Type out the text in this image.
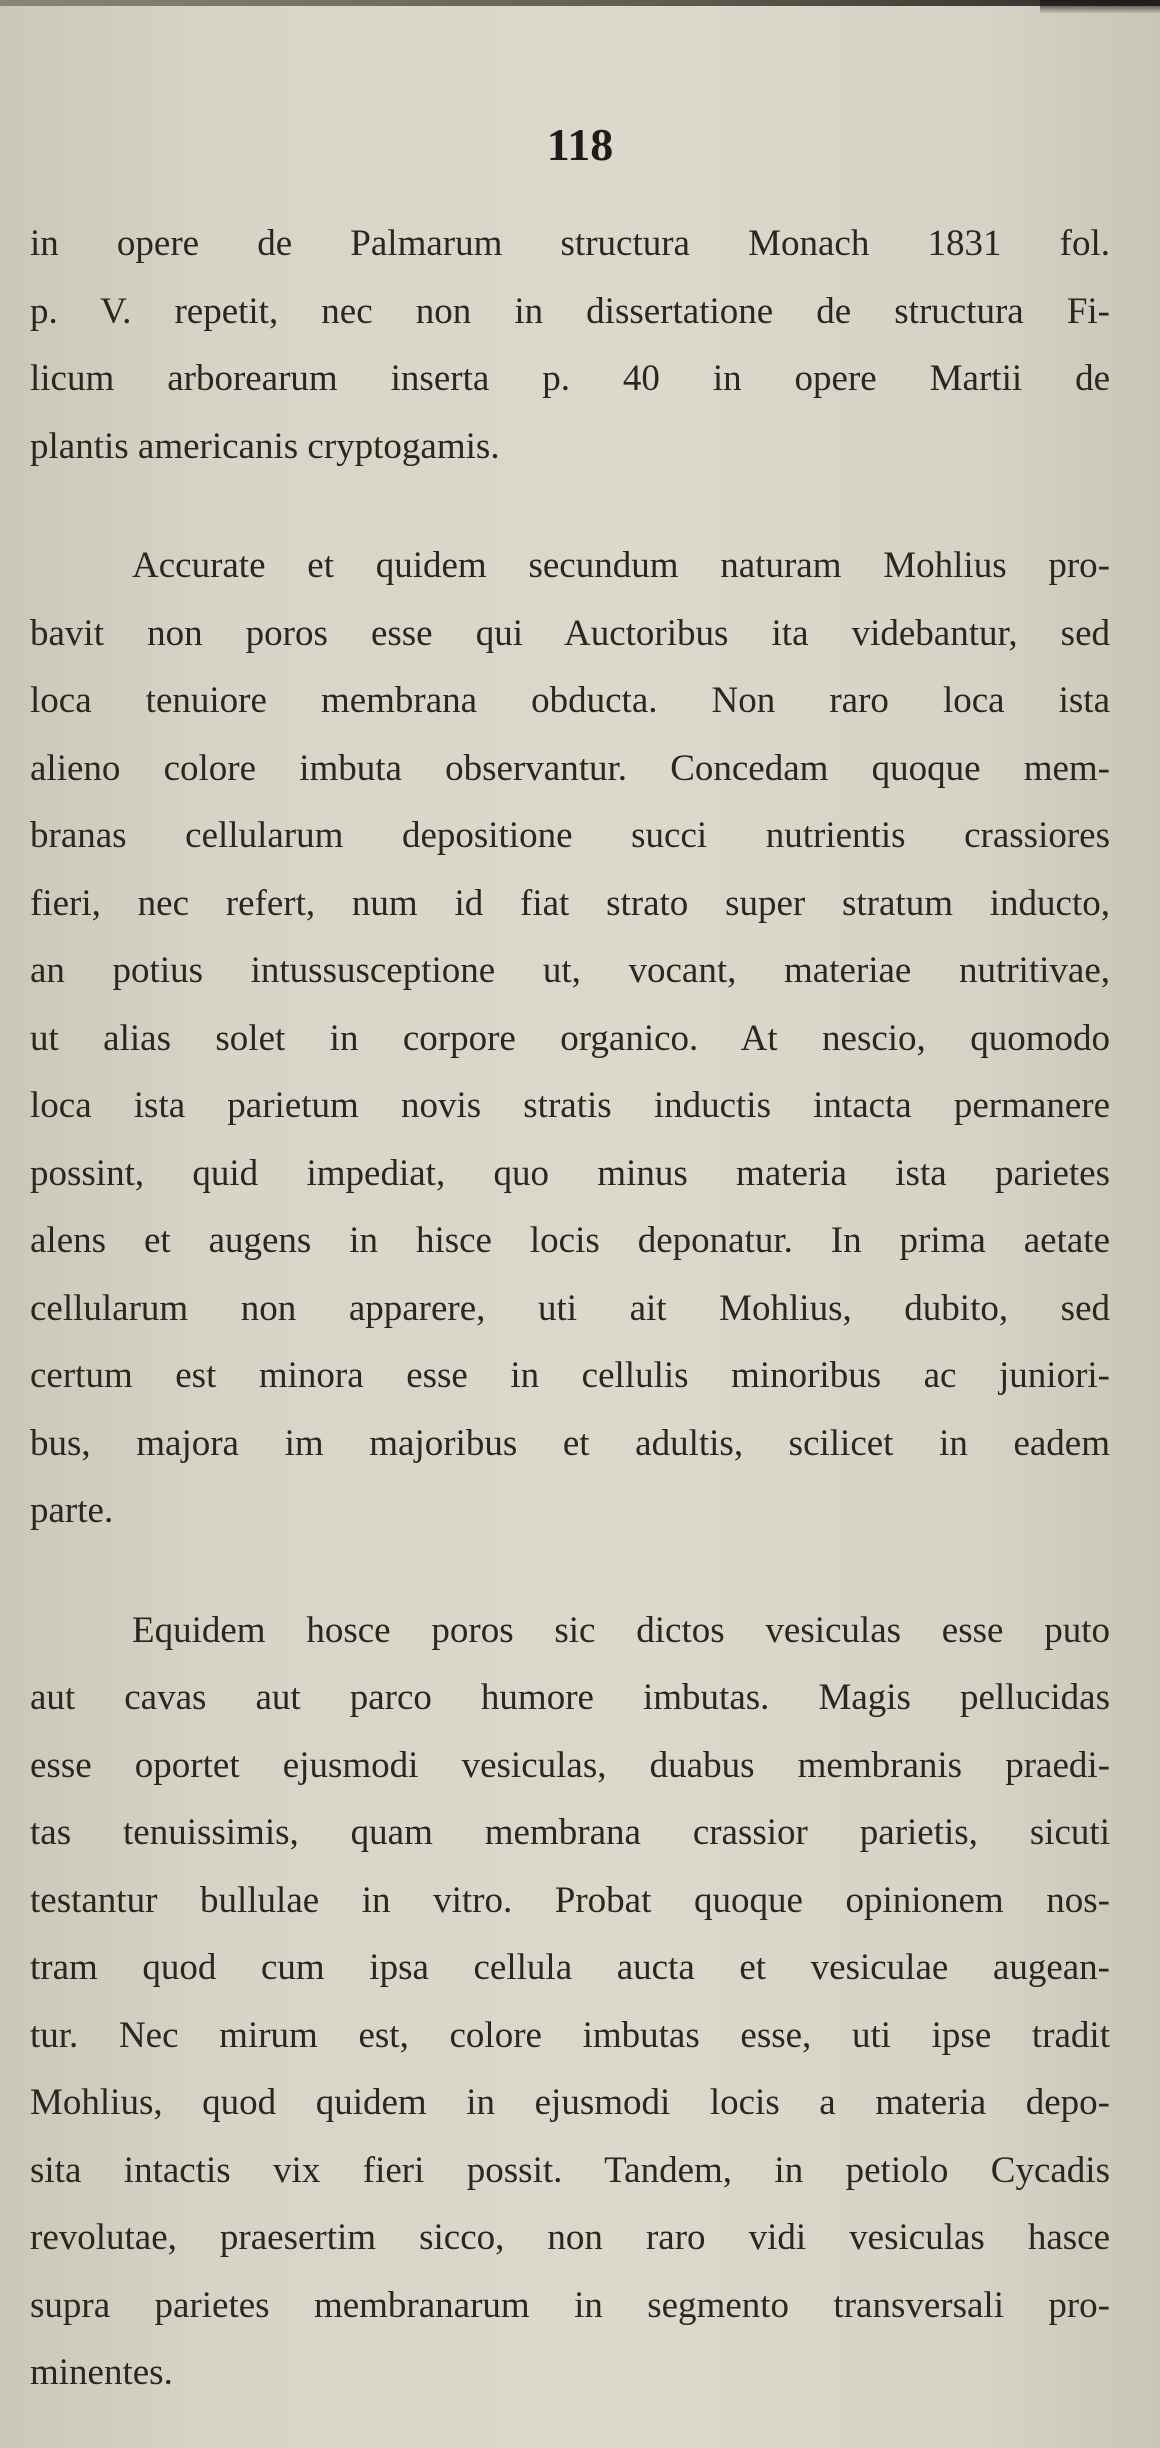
118
in opere de Palmarum structura Monach 1831 fol.
p. V. repetit, nec non in dissertatione de structura Fi-
licum arborearum inserta p. 40 in opere Martii de
plantis americanis cryptogamis.
Accurate et quidem secundum naturam Mohlius pro-
bavit non poros esse qui Auctoribus ita videbantur, sed
loca tenuiore membrana obducta. Non raro loca ista
alieno colore imbuta observantur. Concedam quoque mem-
branas cellularum depositione succi nutrientis crassiores
fieri, nec refert, num id fiat strato super stratum inducto,
an potius intussusceptione ut, vocant, materiae nutritivae,
ut alias solet in corpore organico. At nescio, quomodo
loca ista parietum novis stratis inductis intacta permanere
possint, quid impediat, quo minus materia ista parietes
alens et augens in hisce locis deponatur. In prima aetate
cellularum non apparere, uti ait Mohlius, dubito, sed
certum est minora esse in cellulis minoribus ac juniori-
bus, majora im majoribus et adultis, scilicet in eadem
parte.
Equidem hosce poros sic dictos vesiculas esse puto
aut cavas aut parco humore imbutas. Magis pellucidas
esse oportet ejusmodi vesiculas, duabus membranis praedi-
tas tenuissimis, quam membrana crassior parietis, sicuti
testantur bullulae in vitro. Probat quoque opinionem nos-
tram quod cum ipsa cellula aucta et vesiculae augean-
tur. Nec mirum est, colore imbutas esse, uti ipse tradit
Mohlius, quod quidem in ejusmodi locis a materia depo-
sita intactis vix fieri possit. Tandem, in petiolo Cycadis
revolutae, praesertim sicco, non raro vidi vesiculas hasce
supra parietes membranarum in segmento transversali pro-
minentes.
